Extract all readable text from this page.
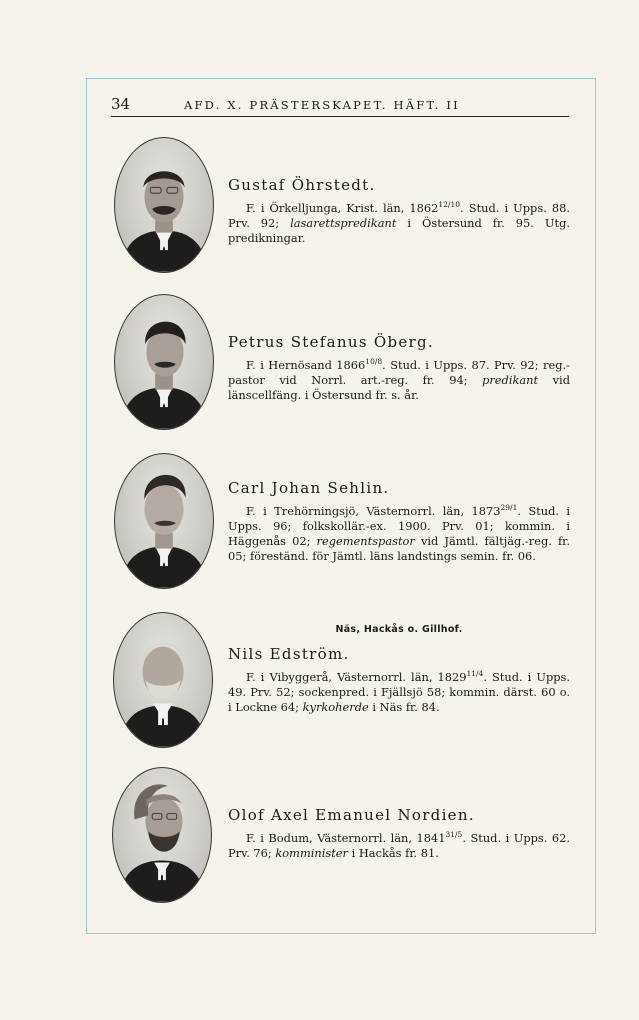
34	AFD. X. PRÄSTERSKAPET. HÄFT. II
Gustaf Öhrstedt.

F. i Örkelljunga, Krist. län, $1862^{12/10}$. Stud. i Upps. 88. Prv. 92; lasarettspredikant i Östersund fr. 95. Utg. predikningar.

Petrus Stefanus Öberg.

F. i Hernösand $1866^{10/8}$. Stud. i Upps. 87. Prv. 92; reg.-pastor vid Norrl. art.-reg. fr. 94; predikant vid länscellfäng. i Östersund fr. s. år.

Carl Johan Sehlin.

F. i Trehörningsjö, Västernorrl. län, $1873^{29/1}$. Stud. i Upps. 96; folkskollär.-ex. 1900. Prv. 01; kommin. i Häggenås 02; regementspastor vid Jämtl. fältjäg.-reg. fr. 05; föreständ. för Jämtl. läns landstings semin. fr. 06.

Näs, Hackås o. Gillhof.
Nils Edström.

F. i Vibyggerå, Västernorrl. län, $1829^{11/4}$. Stud. i Upps. 49. Prv. 52; sockenpred. i Fjällsjö 58; kommin. därst. 60 o. i Lockne 64; kyrkoherde i Näs fr. 84.

Olof Axel Emanuel Nordien.

F. i Bodum, Västernorrl. län, $1841^{31/5}$. Stud. i Upps. 62. Prv. 76; komminister i Hackås fr. 81.
